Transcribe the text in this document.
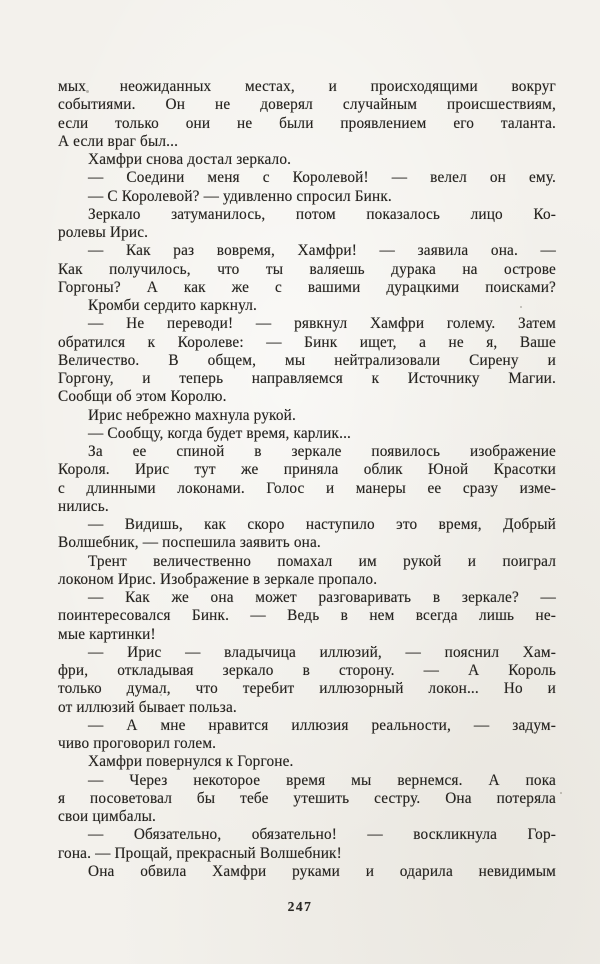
мых неожиданных местах, и происходящими вокруг
событиями. Он не доверял случайным происшествиям,
если только они не были проявлением его таланта.
А если враг был...
Хамфри снова достал зеркало.
— Соедини меня с Королевой! — велел он ему.
— С Королевой? — удивленно спросил Бинк.
Зеркало затуманилось, потом показалось лицо Ко-
ролевы Ирис.
— Как раз вовремя, Хамфри! — заявила она. —
Как получилось, что ты валяешь дурака на острове
Горгоны? А как же с вашими дурацкими поисками?
Кромби сердито каркнул.
— Не переводи! — рявкнул Хамфри голему. Затем
обратился к Королеве: — Бинк ищет, а не я, Ваше
Величество. В общем, мы нейтрализовали Сирену и
Горгону, и теперь направляемся к Источнику Магии.
Сообщи об этом Королю.
Ирис небрежно махнула рукой.
— Сообщу, когда будет время, карлик...
За ее спиной в зеркале появилось изображение
Короля. Ирис тут же приняла облик Юной Красотки
с длинными локонами. Голос и манеры ее сразу изме-
нились.
— Видишь, как скоро наступило это время, Добрый
Волшебник, — поспешила заявить она.
Трент величественно помахал им рукой и поиграл
локоном Ирис. Изображение в зеркале пропало.
— Как же она может разговаривать в зеркале? —
поинтересовался Бинк. — Ведь в нем всегда лишь не-
мые картинки!
— Ирис — владычица иллюзий, — пояснил Хам-
фри, откладывая зеркало в сторону. — А Король
только думал, что теребит иллюзорный локон... Но и
от иллюзий бывает польза.
— А мне нравится иллюзия реальности, — задум-
чиво проговорил голем.
Хамфри повернулся к Горгоне.
— Через некоторое время мы вернемся. А пока
я посоветовал бы тебе утешить сестру. Она потеряла
свои цимбалы.
— Обязательно, обязательно! — воскликнула Гор-
гона. — Прощай, прекрасный Волшебник!
Она обвила Хамфри руками и одарила невидимым
247
